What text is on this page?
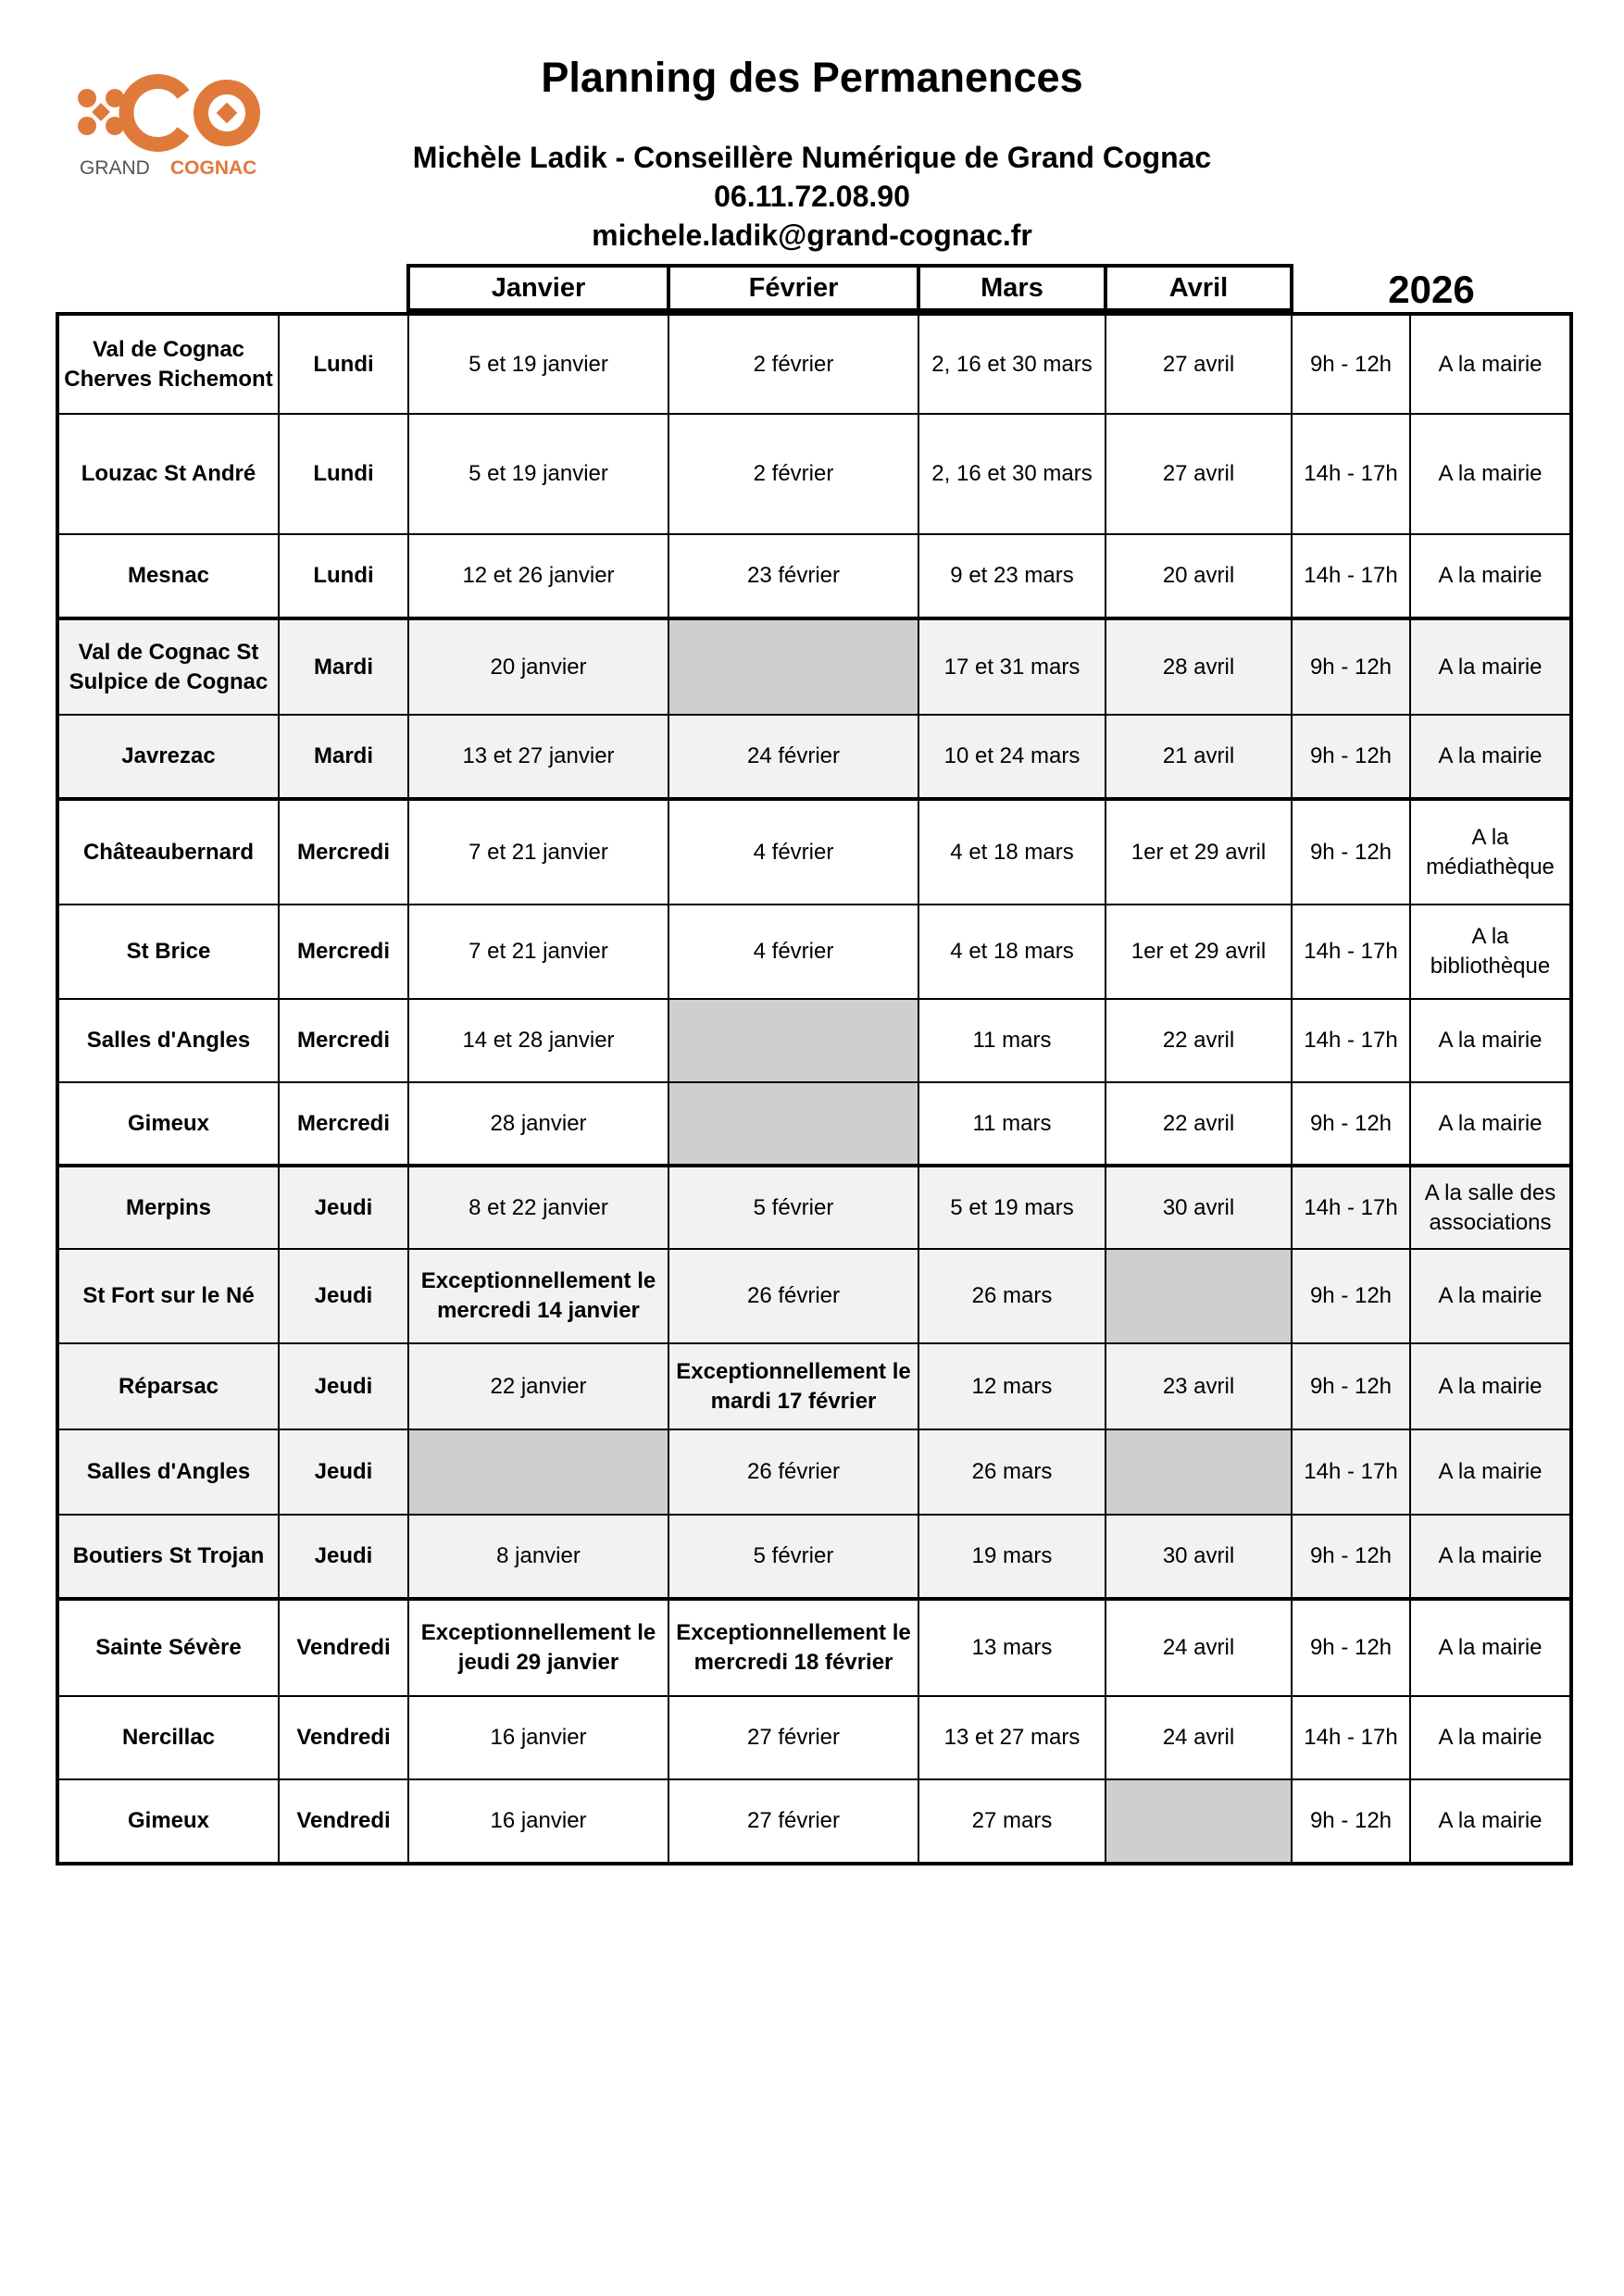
GRAND COGNAC
Planning des Permanences
Michèle Ladik - Conseillère Numérique de Grand Cognac
06.11.72.08.90
michele.ladik@grand-cognac.fr
Janvier	Février	Mars	Avril	2026
Val de Cognac Cherves Richemont	Lundi	5 et 19 janvier	2 février	2, 16 et 30 mars	27 avril	9h - 12h	A la mairie
Louzac St André	Lundi	5 et 19 janvier	2 février	2, 16 et 30 mars	27 avril	14h - 17h	A la mairie
Mesnac	Lundi	12 et 26 janvier	23 février	9 et 23 mars	20 avril	14h - 17h	A la mairie
Val de Cognac St Sulpice de Cognac	Mardi	20 janvier		17 et 31 mars	28 avril	9h - 12h	A la mairie
Javrezac	Mardi	13 et 27 janvier	24 février	10 et 24 mars	21 avril	9h - 12h	A la mairie
Châteaubernard	Mercredi	7 et 21 janvier	4 février	4 et 18 mars	1er et 29 avril	9h - 12h	A la médiathèque
St Brice	Mercredi	7 et 21 janvier	4 février	4 et 18 mars	1er et 29 avril	14h - 17h	A la bibliothèque
Salles d'Angles	Mercredi	14 et 28 janvier		11 mars	22 avril	14h - 17h	A la mairie
Gimeux	Mercredi	28 janvier		11 mars	22 avril	9h - 12h	A la mairie
Merpins	Jeudi	8 et 22 janvier	5 février	5 et 19 mars	30 avril	14h - 17h	A la salle des associations
St Fort sur le Né	Jeudi	Exceptionnellement le mercredi 14 janvier	26 février	26 mars		9h - 12h	A la mairie
Réparsac	Jeudi	22 janvier	Exceptionnellement le mardi 17 février	12 mars	23 avril	9h - 12h	A la mairie
Salles d'Angles	Jeudi		26 février	26 mars		14h - 17h	A la mairie
Boutiers St Trojan	Jeudi	8 janvier	5 février	19 mars	30 avril	9h - 12h	A la mairie
Sainte Sévère	Vendredi	Exceptionnellement le jeudi 29 janvier	Exceptionnellement le mercredi 18 février	13 mars	24 avril	9h - 12h	A la mairie
Nercillac	Vendredi	16 janvier	27 février	13 et 27 mars	24 avril	14h - 17h	A la mairie
Gimeux	Vendredi	16 janvier	27 février	27 mars		9h - 12h	A la mairie
